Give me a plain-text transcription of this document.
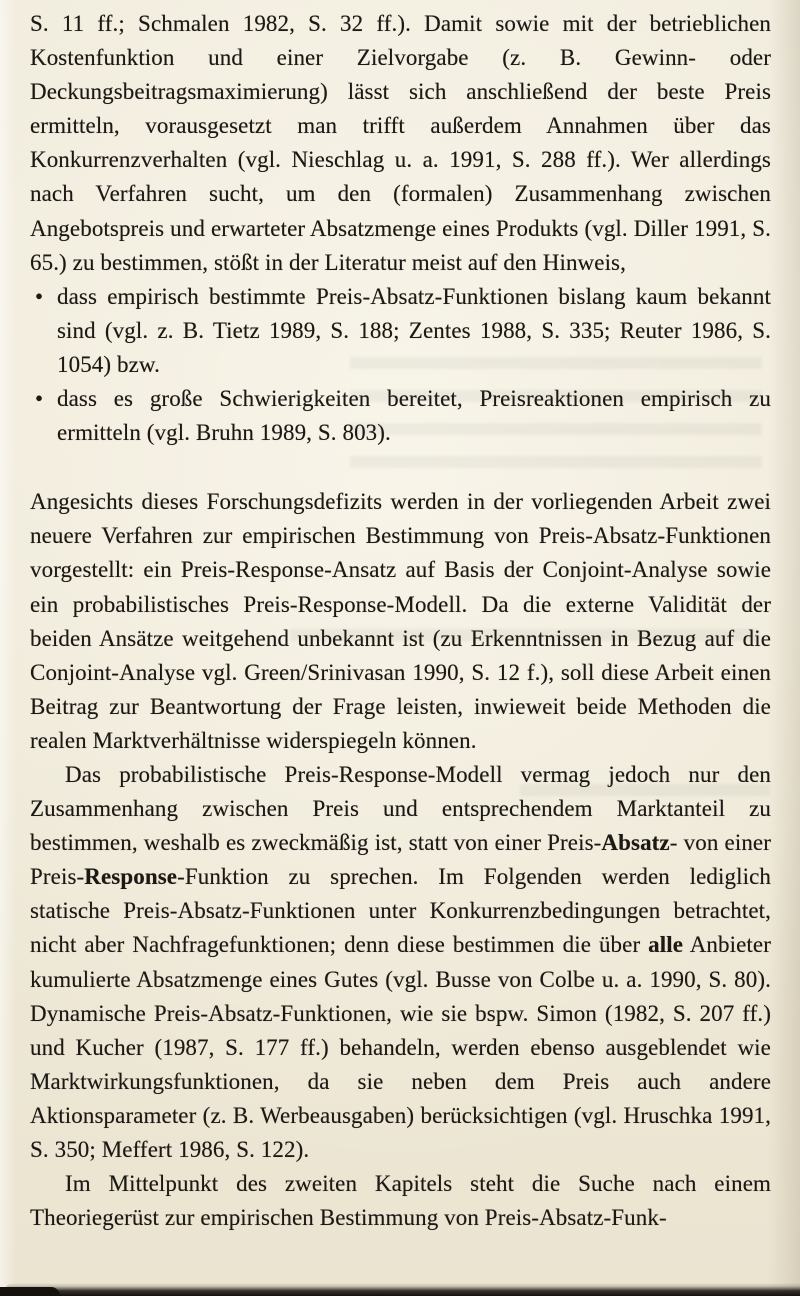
S. 11 ff.; Schmalen 1982, S. 32 ff.). Damit sowie mit der betrieblichen Kostenfunktion und einer Zielvorgabe (z. B. Gewinn- oder Deckungsbeitragsmaximierung) lässt sich anschließend der beste Preis ermitteln, vorausgesetzt man trifft außerdem Annahmen über das Konkurrenzverhalten (vgl. Nieschlag u. a. 1991, S. 288 ff.). Wer allerdings nach Verfahren sucht, um den (formalen) Zusammenhang zwischen Angebotspreis und erwarteter Absatzmenge eines Produkts (vgl. Diller 1991, S. 65.) zu bestimmen, stößt in der Literatur meist auf den Hinweis,

• dass empirisch bestimmte Preis-Absatz-Funktionen bislang kaum bekannt sind (vgl. z. B. Tietz 1989, S. 188; Zentes 1988, S. 335; Reuter 1986, S. 1054) bzw.

• dass es große Schwierigkeiten bereitet, Preisreaktionen empirisch zu ermitteln (vgl. Bruhn 1989, S. 803).

Angesichts dieses Forschungsdefizits werden in der vorliegenden Arbeit zwei neuere Verfahren zur empirischen Bestimmung von Preis-Absatz-Funktionen vorgestellt: ein Preis-Response-Ansatz auf Basis der Conjoint-Analyse sowie ein probabilistisches Preis-Response-Modell. Da die externe Validität der beiden Ansätze weitgehend unbekannt ist (zu Erkenntnissen in Bezug auf die Conjoint-Analyse vgl. Green/Srinivasan 1990, S. 12 f.), soll diese Arbeit einen Beitrag zur Beantwortung der Frage leisten, inwieweit beide Methoden die realen Marktverhältnisse widerspiegeln können.

Das probabilistische Preis-Response-Modell vermag jedoch nur den Zusammenhang zwischen Preis und entsprechendem Marktanteil zu bestimmen, weshalb es zweckmäßig ist, statt von einer Preis-Absatz- von einer Preis-Response-Funktion zu sprechen. Im Folgenden werden lediglich statische Preis-Absatz-Funktionen unter Konkurrenzbedingungen betrachtet, nicht aber Nachfragefunktionen; denn diese bestimmen die über alle Anbieter kumulierte Absatzmenge eines Gutes (vgl. Busse von Colbe u. a. 1990, S. 80). Dynamische Preis-Absatz-Funktionen, wie sie bspw. Simon (1982, S. 207 ff.) und Kucher (1987, S. 177 ff.) behandeln, werden ebenso ausgeblendet wie Marktwirkungsfunktionen, da sie neben dem Preis auch andere Aktionsparameter (z. B. Werbeausgaben) berücksichtigen (vgl. Hruschka 1991, S. 350; Meffert 1986, S. 122).

Im Mittelpunkt des zweiten Kapitels steht die Suche nach einem Theoriegerüst zur empirischen Bestimmung von Preis-Absatz-Funk-
